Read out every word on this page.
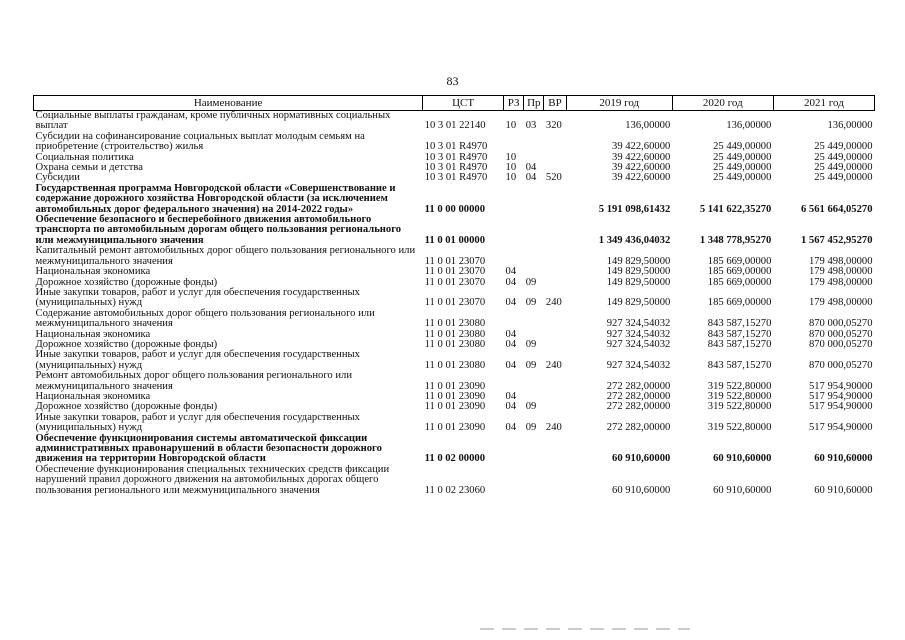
83
Наименование	ЦСТ	РЗ	Пр	ВР	2019 год	2020 год	2021 год
Социальные выплаты гражданам, кроме публичных нормативных социальных выплат	10 3 01 22140	10	03	320	136,00000	136,00000	136,00000
Субсидии на софинансирование социальных выплат молодым семьям на приобретение (строительство) жилья	10 3 01 R4970				39 422,60000	25 449,00000	25 449,00000
Социальная политика	10 3 01 R4970	10			39 422,60000	25 449,00000	25 449,00000
Охрана семьи и детства	10 3 01 R4970	10	04		39 422,60000	25 449,00000	25 449,00000
Субсидии	10 3 01 R4970	10	04	520	39 422,60000	25 449,00000	25 449,00000
Государственная программа Новгородской области «Совершенствование и содержание дорожного хозяйства Новгородской области (за исключением автомобильных дорог федерального значения) на 2014-2022 годы»	11 0 00 00000				5 191 098,61432	5 141 622,35270	6 561 664,05270
Обеспечение безопасного и бесперебойного движения автомобильного транспорта по автомобильным дорогам общего пользования регионального или межмуниципального значения	11 0 01 00000				1 349 436,04032	1 348 778,95270	1 567 452,95270
Капитальный ремонт автомобильных дорог общего пользования регионального или межмуниципального значения	11 0 01 23070				149 829,50000	185 669,00000	179 498,00000
Национальная экономика	11 0 01 23070	04			149 829,50000	185 669,00000	179 498,00000
Дорожное хозяйство (дорожные фонды)	11 0 01 23070	04	09		149 829,50000	185 669,00000	179 498,00000
Иные закупки товаров, работ и услуг для обеспечения государственных (муниципальных) нужд	11 0 01 23070	04	09	240	149 829,50000	185 669,00000	179 498,00000
Содержание автомобильных дорог общего пользования регионального или межмуниципального значения	11 0 01 23080				927 324,54032	843 587,15270	870 000,05270
Национальная экономика	11 0 01 23080	04			927 324,54032	843 587,15270	870 000,05270
Дорожное хозяйство (дорожные фонды)	11 0 01 23080	04	09		927 324,54032	843 587,15270	870 000,05270
Иные закупки товаров, работ и услуг для обеспечения государственных (муниципальных) нужд	11 0 01 23080	04	09	240	927 324,54032	843 587,15270	870 000,05270
Ремонт автомобильных дорог общего пользования регионального или межмуниципального значения	11 0 01 23090				272 282,00000	319 522,80000	517 954,90000
Национальная экономика	11 0 01 23090	04			272 282,00000	319 522,80000	517 954,90000
Дорожное хозяйство (дорожные фонды)	11 0 01 23090	04	09		272 282,00000	319 522,80000	517 954,90000
Иные закупки товаров, работ и услуг для обеспечения государственных (муниципальных) нужд	11 0 01 23090	04	09	240	272 282,00000	319 522,80000	517 954,90000
Обеспечение функционирования системы автоматической фиксации административных правонарушений в области безопасности дорожного движения на территории Новгородской области	11 0 02 00000				60 910,60000	60 910,60000	60 910,60000
Обеспечение функционирования специальных технических средств фиксации нарушений правил дорожного движения на автомобильных дорогах общего пользования регионального или межмуниципального значения	11 0 02 23060				60 910,60000	60 910,60000	60 910,60000
